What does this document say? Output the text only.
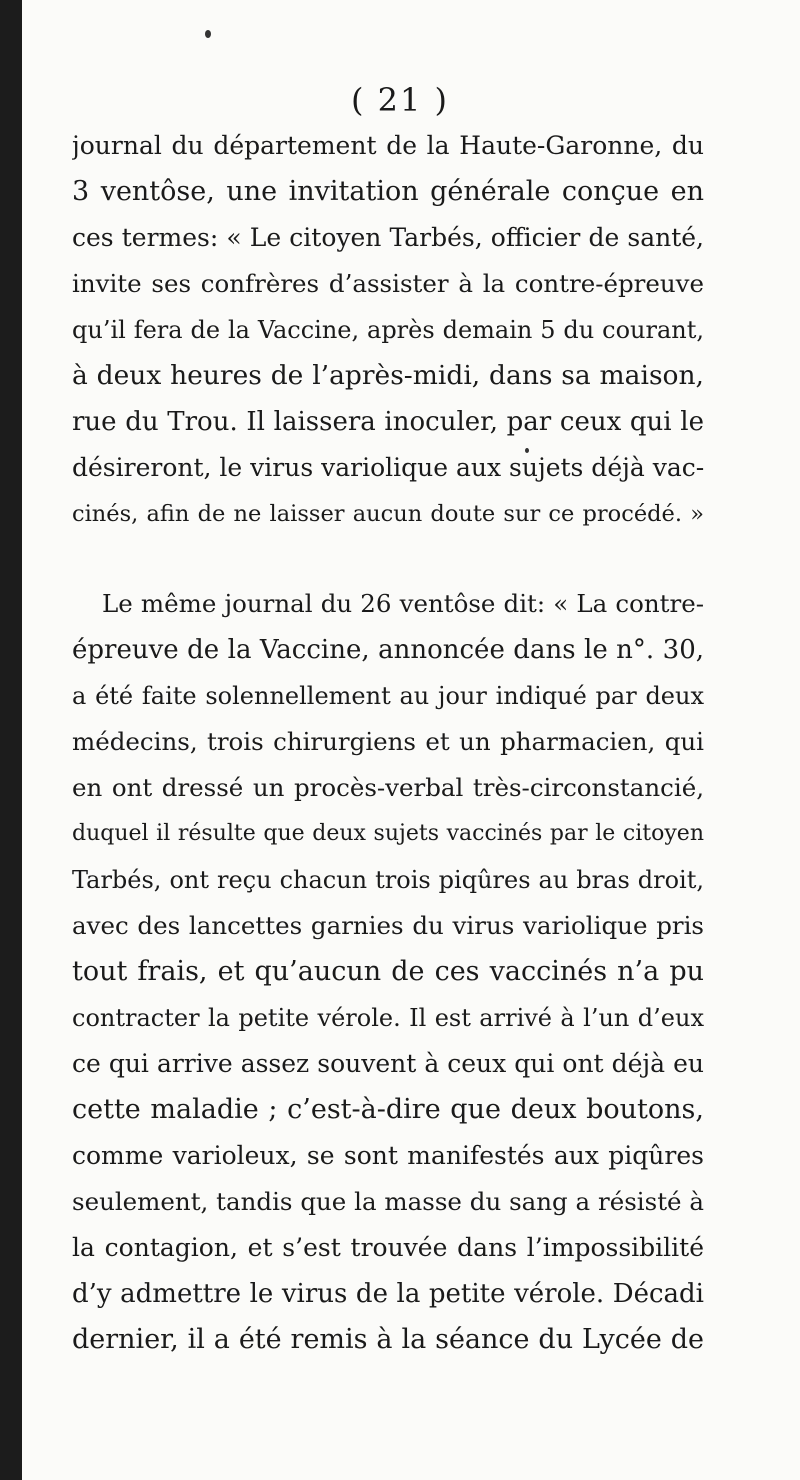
( 21 )
journal du département de la Haute-Garonne, du
3 ventôse, une invitation générale conçue en
ces termes: « Le citoyen Tarbés, officier de santé,
invite ses confrères d’assister à la contre-épreuve
qu’il fera de la Vaccine, après demain 5 du courant,
à deux heures de l’après-midi, dans sa maison,
rue du Trou. Il laissera inoculer, par ceux qui le
désireront, le virus variolique aux sujets déjà vac-
cinés, afin de ne laisser aucun doute sur ce procédé. »
Le même journal du 26 ventôse dit: « La contre-
épreuve de la Vaccine, annoncée dans le n°. 30,
a été faite solennellement au jour indiqué par deux
médecins, trois chirurgiens et un pharmacien, qui
en ont dressé un procès-verbal très-circonstancié,
duquel il résulte que deux sujets vaccinés par le citoyen
Tarbés, ont reçu chacun trois piqûres au bras droit,
avec des lancettes garnies du virus variolique pris
tout frais, et qu’aucun de ces vaccinés n’a pu
contracter la petite vérole. Il est arrivé à l’un d’eux
ce qui arrive assez souvent à ceux qui ont déjà eu
cette maladie ; c’est-à-dire que deux boutons,
comme varioleux, se sont manifestés aux piqûres
seulement, tandis que la masse du sang a résisté à
la contagion, et s’est trouvée dans l’impossibilité
d’y admettre le virus de la petite vérole. Décadi
dernier, il a été remis à la séance du Lycée de
